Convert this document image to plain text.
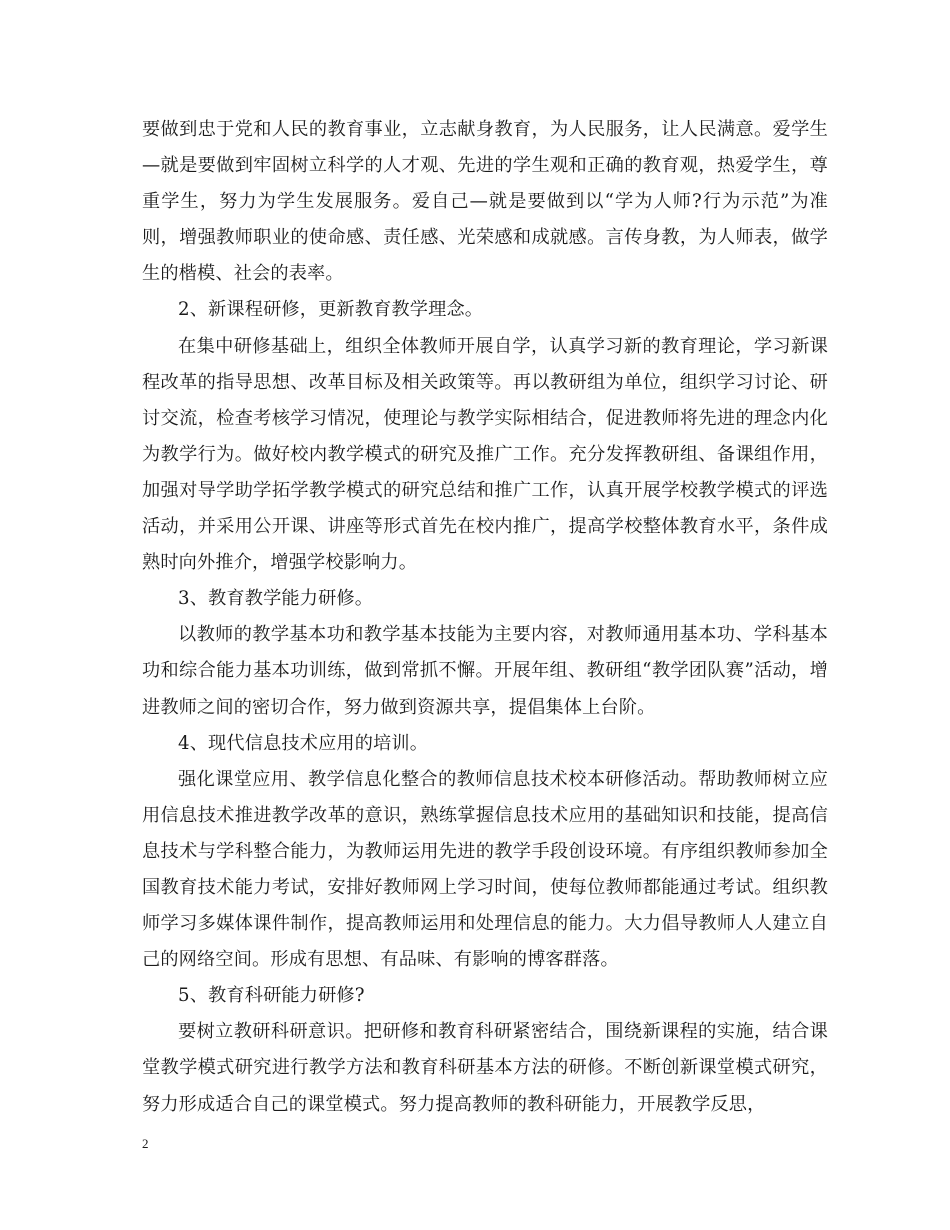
要做到忠于党和人民的教育事业，立志献身教育，为人民服务，让人民满意。爱学生—就是要做到牢固树立科学的人才观、先进的学生观和正确的教育观，热爱学生，尊重学生，努力为学生发展服务。爱自己—就是要做到以“学为人师?行为示范”为准则，增强教师职业的使命感、责任感、光荣感和成就感。言传身教，为人师表，做学生的楷模、社会的表率。

2、新课程研修，更新教育教学理念。

在集中研修基础上，组织全体教师开展自学，认真学习新的教育理论，学习新课程改革的指导思想、改革目标及相关政策等。再以教研组为单位，组织学习讨论、研讨交流，检查考核学习情况，使理论与教学实际相结合，促进教师将先进的理念内化为教学行为。做好校内教学模式的研究及推广工作。充分发挥教研组、备课组作用，加强对导学助学拓学教学模式的研究总结和推广工作，认真开展学校教学模式的评选活动，并采用公开课、讲座等形式首先在校内推广，提高学校整体教育水平，条件成熟时向外推介，增强学校影响力。

3、教育教学能力研修。

以教师的教学基本功和教学基本技能为主要内容，对教师通用基本功、学科基本功和综合能力基本功训练，做到常抓不懈。开展年组、教研组“教学团队赛”活动，增进教师之间的密切合作，努力做到资源共享，提倡集体上台阶。

4、现代信息技术应用的培训。

强化课堂应用、教学信息化整合的教师信息技术校本研修活动。帮助教师树立应用信息技术推进教学改革的意识，熟练掌握信息技术应用的基础知识和技能，提高信息技术与学科整合能力，为教师运用先进的教学手段创设环境。有序组织教师参加全国教育技术能力考试，安排好教师网上学习时间，使每位教师都能通过考试。组织教师学习多媒体课件制作，提高教师运用和处理信息的能力。大力倡导教师人人建立自己的网络空间。形成有思想、有品味、有影响的博客群落。

5、教育科研能力研修?

要树立教研科研意识。把研修和教育科研紧密结合，围绕新课程的实施，结合课堂教学模式研究进行教学方法和教育科研基本方法的研修。不断创新课堂模式研究，努力形成适合自己的课堂模式。努力提高教师的教科研能力，开展教学反思，

2
